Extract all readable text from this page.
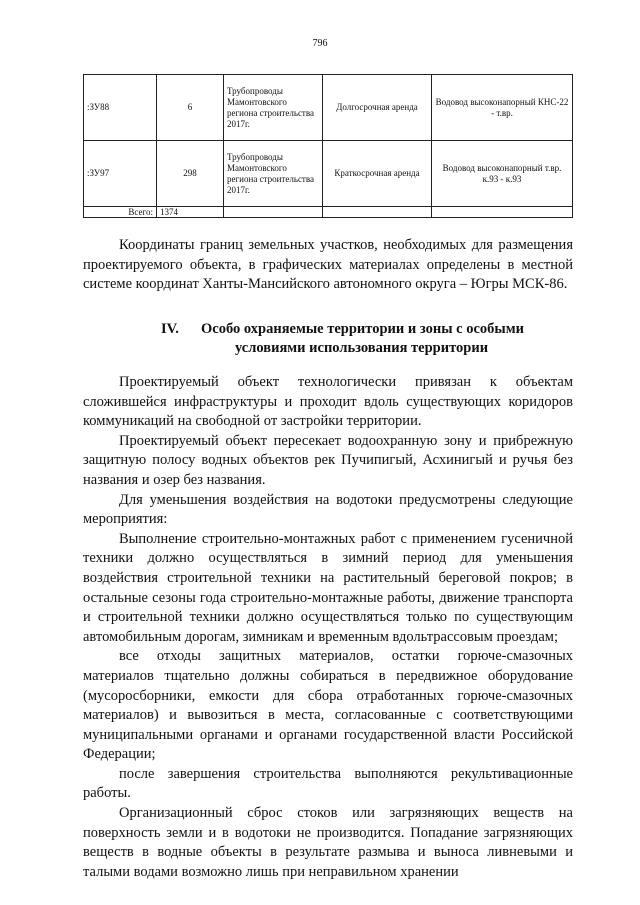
796
:ЗУ88	6	Трубопроводы Мамонтовского региона строительства 2017г.	Долгосрочная аренда	Водовод высоконапорный КНС-22 - т.вр.
:ЗУ97	298	Трубопроводы Мамонтовского региона строительства 2017г.	Краткосрочная аренда	Водовод высоконапорный т.вр. к.93 - к.93
Всего:	1374			

Координаты границ земельных участков, необходимых для размещения проектируемого объекта, в графических материалах определены в местной системе координат Ханты-Мансийского автономного округа – Югры МСК-86.

IV. Особо охраняемые территории и зоны с особыми
условиями использования территории

Проектируемый объект технологически привязан к объектам сложившейся инфраструктуры и проходит вдоль существующих коридоров коммуникаций на свободной от застройки территории.

Проектируемый объект пересекает водоохранную зону и прибрежную защитную полосу водных объектов рек Пучипигый, Асхинигый и ручья без названия и озер без названия.

Для уменьшения воздействия на водотоки предусмотрены следующие мероприятия:

Выполнение строительно-монтажных работ с применением гусеничной техники должно осуществляться в зимний период для уменьшения воздействия строительной техники на растительный береговой покров; в остальные сезоны года строительно-монтажные работы, движение транспорта и строительной техники должно осуществляться только по существующим автомобильным дорогам, зимникам и временным вдольтрассовым проездам;

все отходы защитных материалов, остатки горюче-смазочных материалов тщательно должны собираться в передвижное оборудование (мусоросборники, емкости для сбора отработанных горюче-смазочных материалов) и вывозиться в места, согласованные с соответствующими муниципальными органами и органами государственной власти Российской Федерации;

после завершения строительства выполняются рекультивационные работы.

Организационный сброс стоков или загрязняющих веществ на поверхность земли и в водотоки не производится. Попадание загрязняющих веществ в водные объекты в результате размыва и выноса ливневыми и талыми водами возможно лишь при неправильном хранении
